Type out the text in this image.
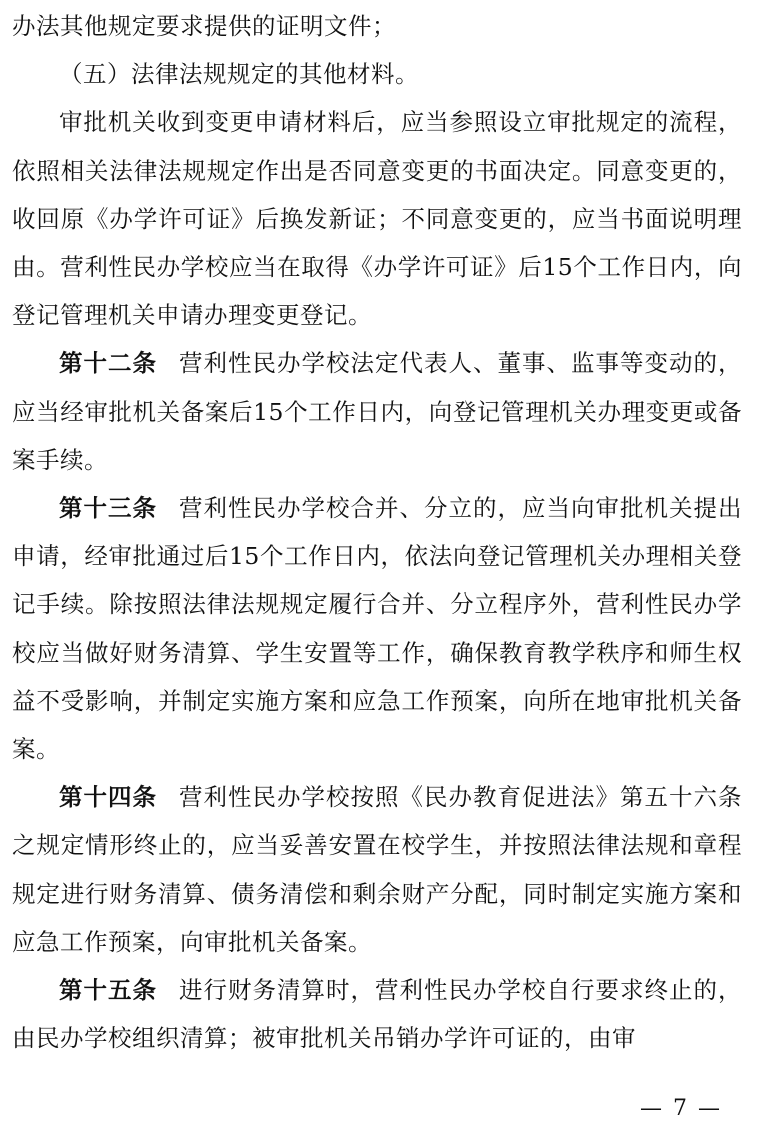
办法其他规定要求提供的证明文件；

（五）法律法规规定的其他材料。

审批机关收到变更申请材料后，应当参照设立审批规定的流程，依照相关法律法规规定作出是否同意变更的书面决定。同意变更的，收回原《办学许可证》后换发新证；不同意变更的，应当书面说明理由。营利性民办学校应当在取得《办学许可证》后15个工作日内，向登记管理机关申请办理变更登记。

第十二条 营利性民办学校法定代表人、董事、监事等变动的，应当经审批机关备案后15个工作日内，向登记管理机关办理变更或备案手续。

第十三条 营利性民办学校合并、分立的，应当向审批机关提出申请，经审批通过后15个工作日内，依法向登记管理机关办理相关登记手续。除按照法律法规规定履行合并、分立程序外，营利性民办学校应当做好财务清算、学生安置等工作，确保教育教学秩序和师生权益不受影响，并制定实施方案和应急工作预案，向所在地审批机关备案。

第十四条 营利性民办学校按照《民办教育促进法》第五十六条之规定情形终止的，应当妥善安置在校学生，并按照法律法规和章程规定进行财务清算、债务清偿和剩余财产分配，同时制定实施方案和应急工作预案，向审批机关备案。

第十五条 进行财务清算时，营利性民办学校自行要求终止的，由民办学校组织清算；被审批机关吊销办学许可证的，由审

— 7 —
